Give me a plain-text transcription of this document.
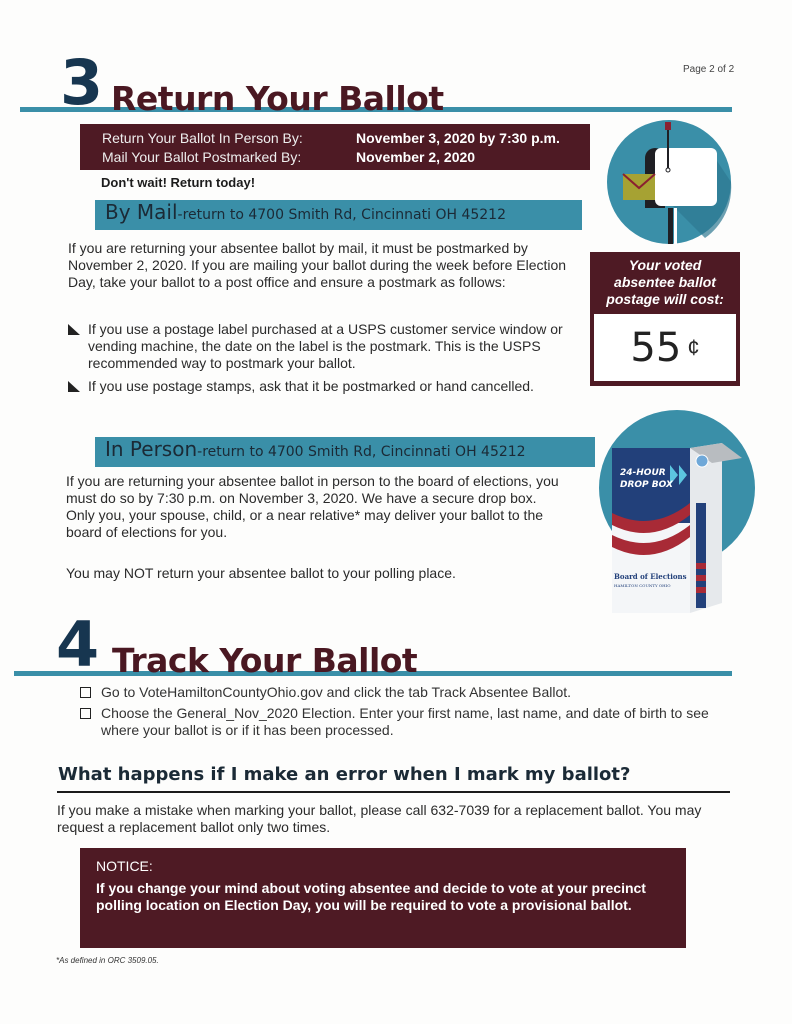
Page 2 of 2
3 Return Your Ballot
Return Your Ballot In Person By:	November 3, 2020 by 7:30 p.m.
Mail Your Ballot Postmarked By:	November 2, 2020
Don't wait! Return today!
By Mail -return to 4700 Smith Rd, Cincinnati OH 45212
If you are returning your absentee ballot by mail, it must be postmarked by November 2, 2020. If you are mailing your ballot during the week before Election Day, take your ballot to a post office and ensure a postmark as follows:
If you use a postage label purchased at a USPS customer service window or vending machine, the date on the label is the postmark. This is the USPS recommended way to postmark your ballot.
If you use postage stamps, ask that it be postmarked or hand cancelled.
Your voted absentee ballot postage will cost:
55 ¢
24-HOUR
DROP BOX
Board of Elections
HAMILTON COUNTY OHIO
In Person -return to 4700 Smith Rd, Cincinnati OH 45212
If you are returning your absentee ballot in person to the board of elections, you must do so by 7:30 p.m. on November 3, 2020. We have a secure drop box. Only you, your spouse, child, or a near relative* may deliver your ballot to the board of elections for you.
You may NOT return your absentee ballot to your polling place.
4 Track Your Ballot
Go to VoteHamiltonCountyOhio.gov and click the tab Track Absentee Ballot.
Choose the General_Nov_2020 Election. Enter your first name, last name, and date of birth to see where your ballot is or if it has been processed.
What happens if I make an error when I mark my ballot?
If you make a mistake when marking your ballot, please call 632-7039 for a replacement ballot. You may request a replacement ballot only two times.
NOTICE:
If you change your mind about voting absentee and decide to vote at your precinct polling location on Election Day, you will be required to vote a provisional ballot.
*As defined in ORC 3509.05.
